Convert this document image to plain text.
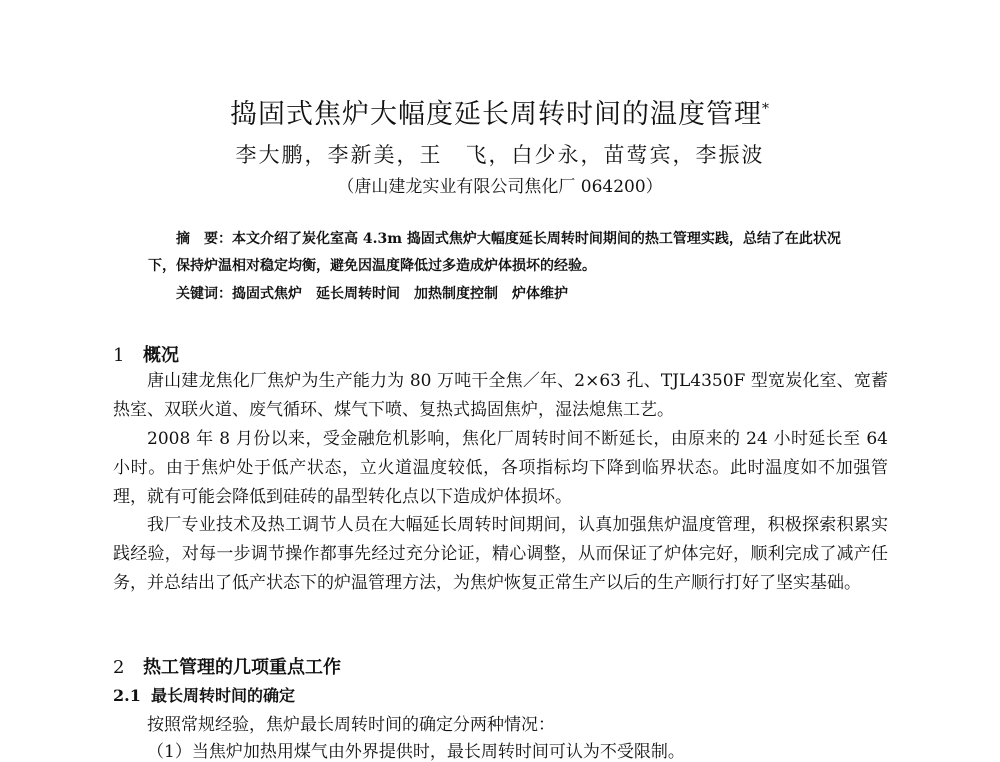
捣固式焦炉大幅度延长周转时间的温度管理*
李大鹏，李新美，王　飞，白少永，苗莺宾，李振波
（唐山建龙实业有限公司焦化厂 064200）
摘　要：本文介绍了炭化室高 4.3m 捣固式焦炉大幅度延长周转时间期间的热工管理实践，总结了在此状况下，保持炉温相对稳定均衡，避免因温度降低过多造成炉体损坏的经验。
关键词：捣固式焦炉 延长周转时间 加热制度控制 炉体维护
1 概况
唐山建龙焦化厂焦炉为生产能力为 80 万吨干全焦／年、2×63 孔、TJL4350F 型宽炭化室、宽蓄热室、双联火道、废气循环、煤气下喷、复热式捣固焦炉，湿法熄焦工艺。
2008 年 8 月份以来，受金融危机影响，焦化厂周转时间不断延长，由原来的 24 小时延长至 64 小时。由于焦炉处于低产状态，立火道温度较低，各项指标均下降到临界状态。此时温度如不加强管理，就有可能会降低到硅砖的晶型转化点以下造成炉体损坏。
我厂专业技术及热工调节人员在大幅延长周转时间期间，认真加强焦炉温度管理，积极探索积累实践经验，对每一步调节操作都事先经过充分论证，精心调整，从而保证了炉体完好，顺利完成了减产任务，并总结出了低产状态下的炉温管理方法，为焦炉恢复正常生产以后的生产顺行打好了坚实基础。
2 热工管理的几项重点工作
2.1 最长周转时间的确定
按照常规经验，焦炉最长周转时间的确定分两种情况：
（1）当焦炉加热用煤气由外界提供时，最长周转时间可认为不受限制。
